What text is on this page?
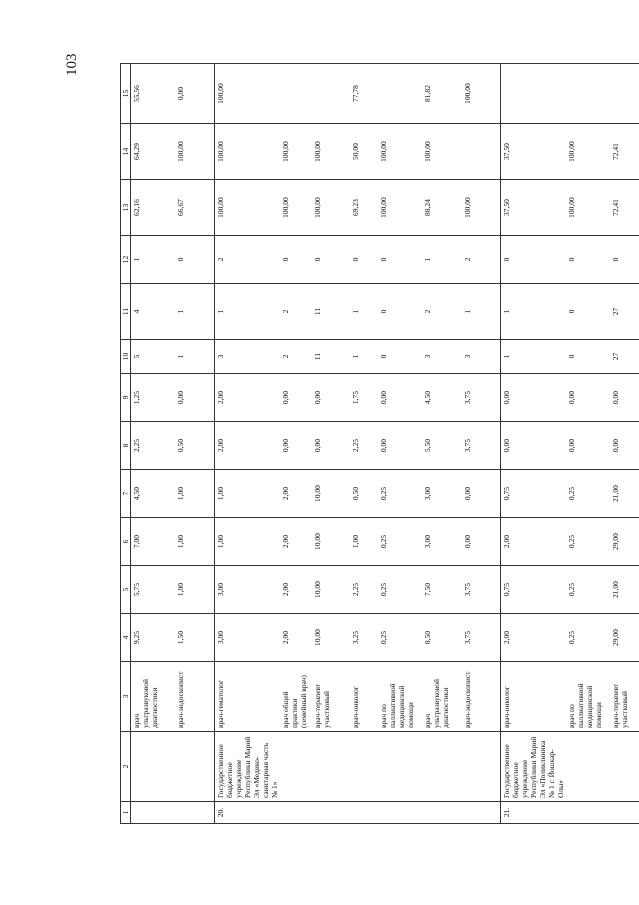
103
1	2	3	4	5	6	7	8	9	10	11	12	13	14	15
		врач ультразвуковой диагностики	9,25	5,75	7,00	4,50	2,25	1,25	5	4	1	62,16	64,29	55,56
		врач-эндоскопист	1,50	1,00	1,00	1,00	0,50	0,00	1	1	0	66,67	100,00	0,00
20.	Государственное бюджетное учреждение Республики Марий Эл «Медико-санитарная часть № 1»	врач-гематолог	3,00	3,00	1,00	1,00	2,00	2,00	3	1	2	100,00	100,00	100,00
		врач общей практики (семейный врач)	2,00	2,00	2,00	2,00	0,00	0,00	2	2	0	100,00	100,00	
		врач-терапевт участковый	10,00	10,00	10,00	10,00	0,00	0,00	11	11	0	100,00	100,00	
		врач-онколог	3,25	2,25	1,00	0,50	2,25	1,75	1	1	0	69,23	50,00	77,78
		врач по паллиативной медицинской помощи	0,25	0,25	0,25	0,25	0,00	0,00	0	0	0	100,00	100,00	
		врач ультразвуковой диагностики	8,50	7,50	3,00	3,00	5,50	4,50	3	2	1	88,24	100,00	81,82
		врач-эндоскопист	3,75	3,75	0,00	0,00	3,75	3,75	3	1	2	100,00		100,00
21.	Государственное бюджетное учреждение Республики Марий Эл «Поликлиника № 1 г. Йошкар-Олы»	врач-онколог	2,00	0,75	2,00	0,75	0,00	0,00	1	1	0	37,50	37,50	
		врач по паллиативной медицинской помощи	0,25	0,25	0,25	0,25	0,00	0,00	0	0	0	100,00	100,00	
		врач-терапевт участковый	29,00	21,00	29,00	21,00	0,00	0,00	27	27	0	72,41	72,41	
